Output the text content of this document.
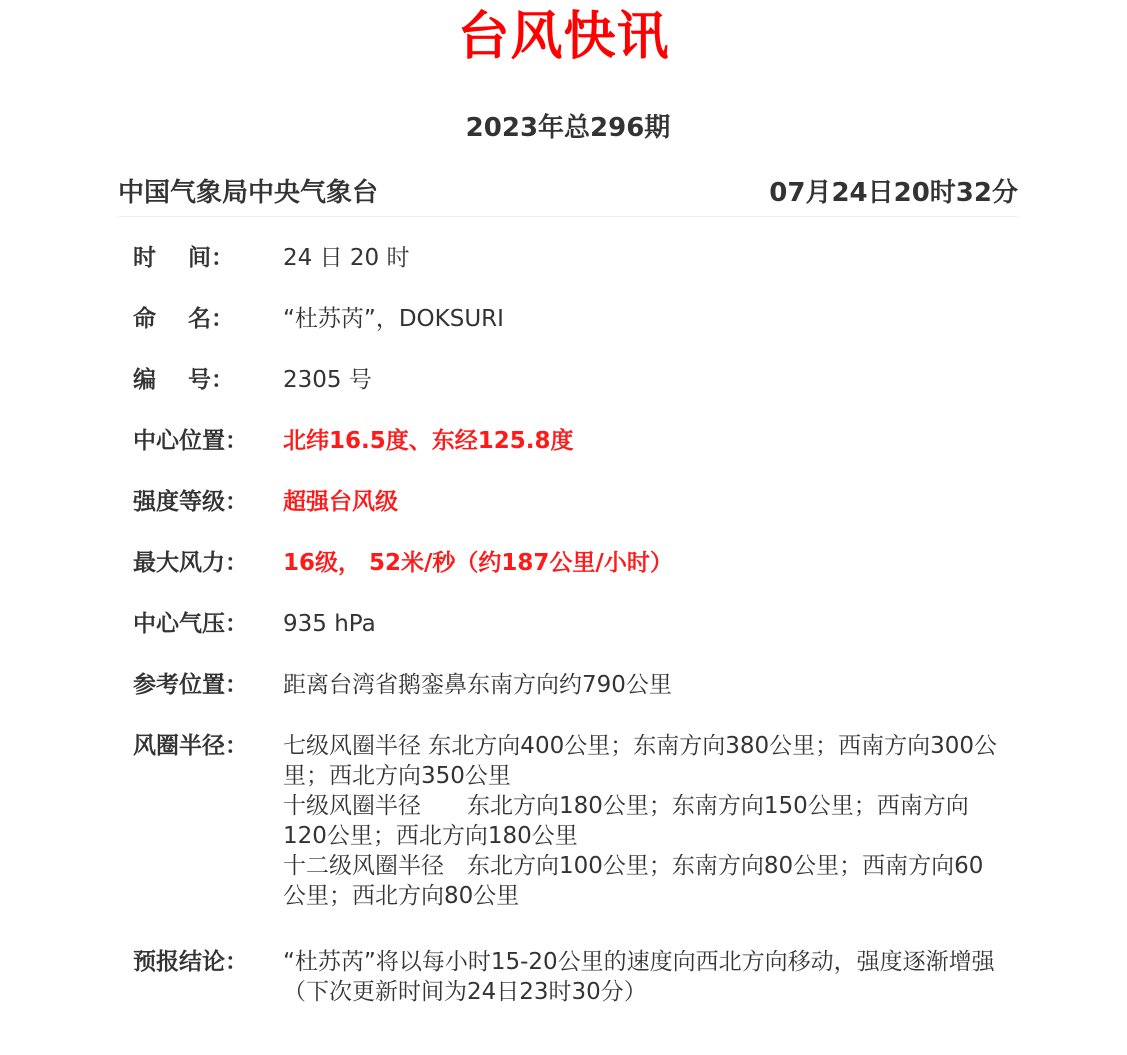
台风快讯
2023年总296期
中国气象局中央气象台	07月24日20时32分
时    间：	24 日 20 时
命    名：	“杜苏芮”，DOKSURI
编    号：	2305 号
中心位置：	北纬16.5度、东经125.8度
强度等级：	超强台风级
最大风力：	16级， 52米/秒（约187公里/小时）
中心气压：	935 hPa
参考位置：	距离台湾省鹅銮鼻东南方向约790公里
风圈半径：	七级风圈半径 东北方向400公里；东南方向380公里；西南方向300公里；西北方向350公里
十级风圈半径　　东北方向180公里；东南方向150公里；西南方向120公里；西北方向180公里
十二级风圈半径　东北方向100公里；东南方向80公里；西南方向60公里；西北方向80公里
预报结论：	“杜苏芮”将以每小时15-20公里的速度向西北方向移动，强度逐渐增强
（下次更新时间为24日23时30分）
